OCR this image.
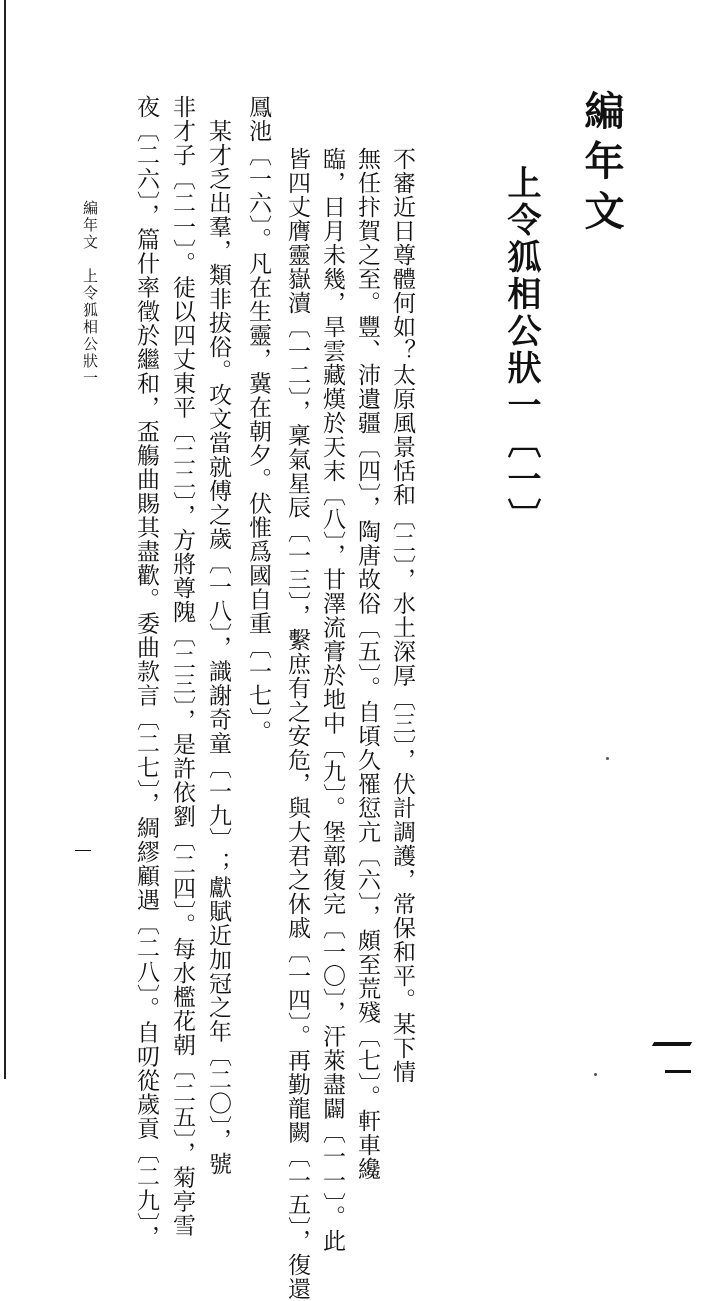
編年文
上令狐相公狀一〔一〕
不審近日尊體何如？太原風景恬和〔二〕，水土深厚〔三〕，伏計調護，常保和平。某下情
無任抃賀之至。豐、沛遺疆〔四〕，陶唐故俗〔五〕。自頃久罹愆亢〔六〕，頗至荒殘〔七〕。軒車纔
臨，日月未幾，旱雲藏熯於天末〔八〕，甘澤流膏於地中〔九〕。堡鄣復完〔一〇〕，汗萊盡闢〔一一〕。此
皆四丈膺靈嶽瀆〔一二〕，稟氣星辰〔一三〕，繫庶有之安危，與大君之休戚〔一四〕。再勤龍闕〔一五〕，復還
鳳池〔一六〕。凡在生靈，冀在朝夕。伏惟爲國自重〔一七〕。
　某才乏出羣，類非拔俗。攻文當就傅之歲〔一八〕，識謝奇童〔一九〕；獻賦近加冠之年〔二〇〕，號
非才子〔二一〕。徒以四丈東平〔二二〕，方將尊隗〔二三〕，是許依劉〔二四〕。每水檻花朝〔二五〕，菊亭雪
夜〔二六〕，篇什率徵於繼和，盃觴曲賜其盡歡。委曲款言〔二七〕，綢繆顧遇〔二八〕。自叨從歲貢〔二九〕，
編年文　上令狐相公狀一
